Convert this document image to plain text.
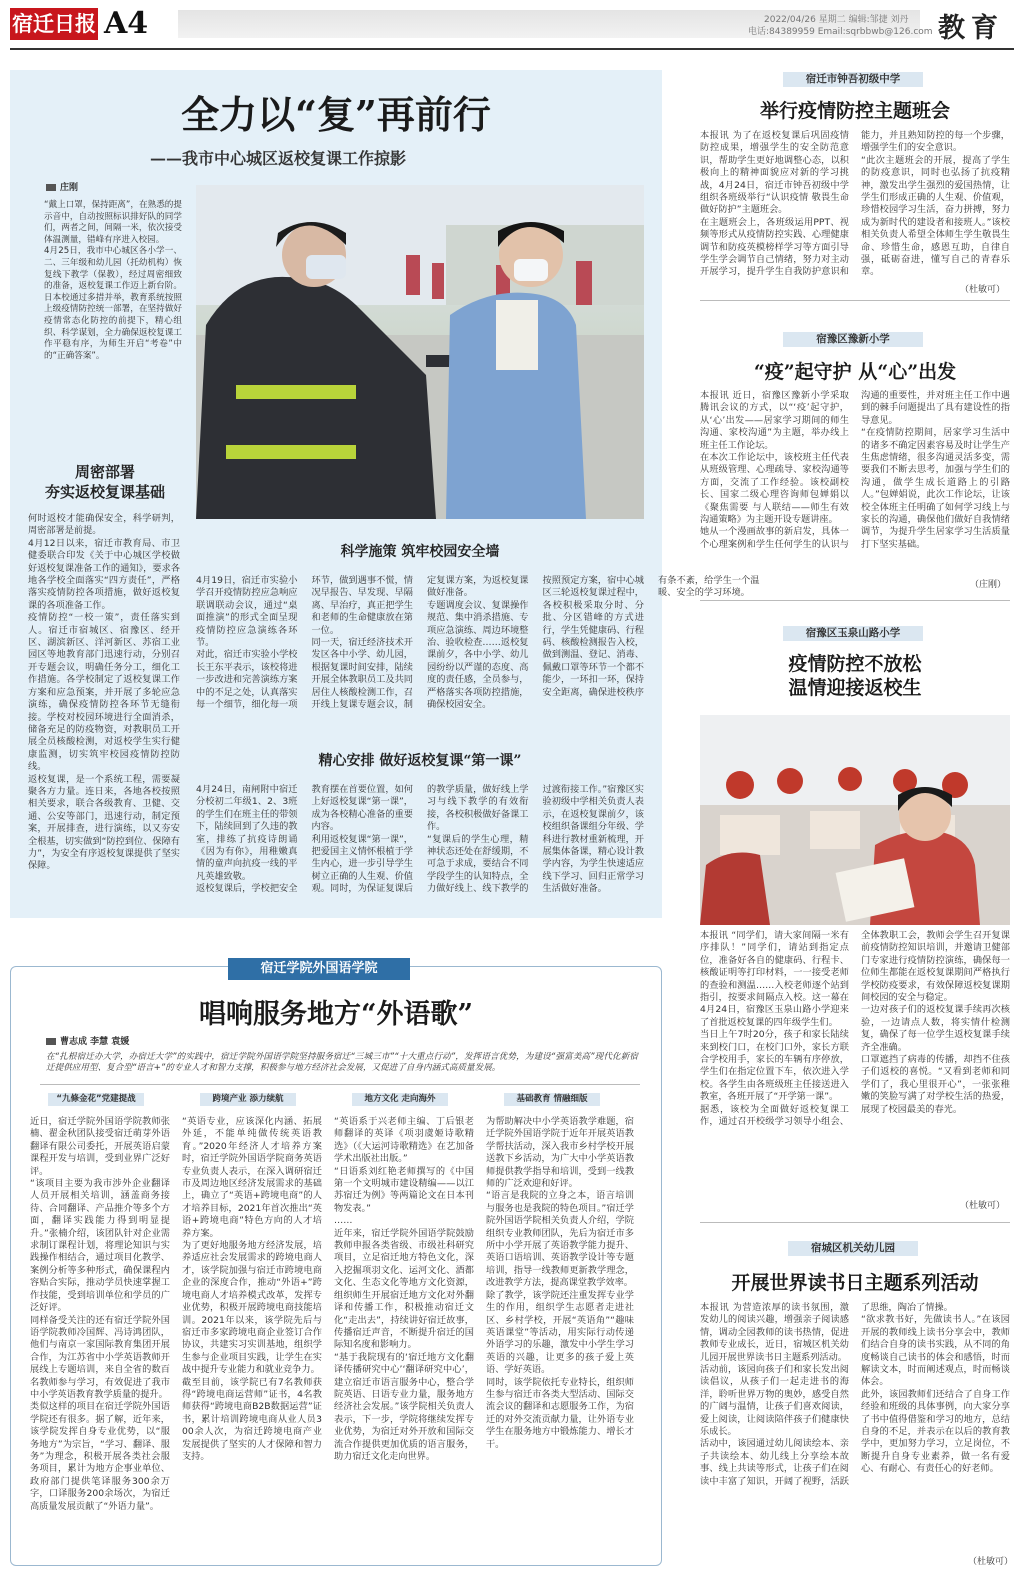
宿迁日报 A4	2022/04/26 星期二 编辑:邹捷 刘丹
电话:84389959 Email:sqrbbwb@126.com 教育
全力以“复”再前行
——我市中心城区返校复课工作掠影
庄刚

“戴上口罩，保持距离”，在熟悉的提示音中，自动按照标识排好队的同学们，两者之间，间隔一米，依次接受体温测量，错峰有序进入校园。
4月25日，我市中心城区各小学一、二、三年级和幼儿园（托幼机构）恢复线下教学（保教），经过周密细致的准备，返校复课工作迈上新台阶。日本校通过多措并举，教育系统按照上级疫情防控统一部署，在坚持做好疫情常态化防控的前提下，精心组织、科学谋划，全力确保返校复课工作平稳有序，为师生开启“考卷”中的“正确答案”。

周密部署
夯实返校复课基础

何时返校才能确保安全，科学研判，周密部署是前提。
4月12日以来，宿迁市教育局、市卫健委联合印发《关于中心城区学校做好返校复课准备工作的通知》，要求各地各学校全面落实“四方责任”，严格落实疫情防控各项措施，做好返校复课的各项准备工作。
疫情防控“一校一策”，责任落实到人。宿迁市宿城区、宿豫区、经开区、湖滨新区、洋河新区、苏宿工业园区等地教育部门迅速行动，分别召开专题会议，明确任务分工，细化工作措施。各学校制定了返校复课工作方案和应急预案，并开展了多轮应急演练，确保疫情防控各环节无缝衔接。学校对校园环境进行全面消杀，储备充足的防疫物资，对教职员工开展全员核酸检测，对返校学生实行健康监测，切实筑牢校园疫情防控防线。
返校复课，是一个系统工程，需要凝聚各方力量。连日来，各地各校按照相关要求，联合各级教育、卫健、交通、公安等部门，迅速行动，制定预案，开展排查，进行演练，以又夯安全根基，切实做到“防控到位、保障有力”，为安全有序返校复课提供了坚实保障。

科学施策 筑牢校园安全墙

4月19日，宿迁市实验小学召开疫情防控应急响应联调联动会议，通过“桌面推演”的形式全面呈现疫情防控应急演练各环节。
对此，宿迁市实验小学校长王东平表示，该校将进一步改进和完善演练方案中的不足之处，认真落实每一个细节，细化每一项环节，做到遇事不慌，情况早报告、早发现、早隔离、早治疗，真正把学生和老师的生命健康放在第一位。
同一天，宿迁经济技术开发区各中小学、幼儿园，根据复课时间安排，陆续开展全体教职员工及共同居住人核酸检测工作，召开线上复课专题会议，制定复课方案，为返校复课做好准备。
专题调度会议、复课操作规范、集中消杀措施、专项应急演练、周边环境整治、验收检查……返校复课前夕，各中小学、幼儿园纷纷以严谨的态度、高度的责任感，全员参与，严格落实各项防控措施，确保校园安全。
按照预定方案，宿中心城区三轮返校复课过程中，各校积极采取分时、分批、分区错峰的方式进行，学生凭健康码、行程码、核酸检测报告入校，做到测温、登记、消毒、佩戴口罩等环节一个都不能少，一环扣一环，保持安全距离，确保进校秩序有条不紊，给学生一个温暖、安全的学习环境。

精心安排 做好返校复课“第一课”

4月24日，南闸附中宿迁分校初二年级1、2、3班的学生们在班主任的带领下，陆续回到了久违的教室，排练了抗疫诗朗诵《因为有你》，用稚嫩真情的童声向抗疫一线的平凡英雄致敬。
返校复课后，学校把安全教育摆在首要位置，如何上好返校复课“第一课”，成为各校精心准备的重要内容。
利用返校复课“第一课”，把爱国主义情怀根植于学生内心，进一步引导学生树立正确的人生观、价值观。同时，为保证复课后的教学质量，做好线上学习与线下教学的有效衔接，各校积极做好备课工作。
“复课后的学生心理，精神状态还处在舒缓期，不可急于求成，要结合不同学段学生的认知特点，全力做好线上、线下教学的过渡衔接工作。”宿豫区实验初级中学相关负责人表示，在返校复课前夕，该校组织备课组分年级、学科进行教材重新梳理，开展集体备课，精心设计教学内容，为学生快速适应线下学习、回归正常学习生活做好准备。

宿迁市钟吾初级中学
举行疫情防控主题班会

本报讯 为了在返校复课后巩固疫情防控成果，增强学生的安全防范意识，帮助学生更好地调整心态，以积极向上的精神面貌应对新的学习挑战，4月24日，宿迁市钟吾初级中学组织各班级举行“认识疫情 敬畏生命 做好防护”主题班会。
在主题班会上，各班级运用PPT、视频等形式从疫情防控实践、心理健康调节和防疫英模榜样学习等方面引导学生学会调节自己情绪，努力对主动开展学习，提升学生自我防护意识和能力，并且熟知防控的每一个步骤，增强学生们的安全意识。
“此次主题班会的开展，提高了学生的防疫意识，同时也弘扬了抗疫精神，激发出学生强烈的爱国热情，让学生们形成正确的人生观、价值观，珍惜校园学习生活，奋力拼搏，努力成为新时代的建设者和接班人。”该校相关负责人希望全体师生学生敬畏生命、珍惜生命，感恩互助，自律自强，砥砺奋进，懂写自己的青春乐章。

（杜敏可）
宿豫区豫新小学
“疫”起守护 从“心”出发

本报讯 近日，宿豫区豫新小学采取腾讯会议的方式，以“‘疫’起守护，从‘心’出发——居家学习期间的师生沟通、家校沟通”为主题，举办线上班主任工作论坛。
在本次工作论坛中，该校班主任代表从班级管理、心理疏导、家校沟通等方面，交流了工作经验。该校副校长、国家二级心理咨询师包婵娟以《聚焦需要 与人联结——师生有效沟通策略》为主题开设专题讲座。
她从一个漫画故事的新启发，具体一个心理案例和学生任何学生的认识与沟通的重要性，并对班主任工作中遇到的棘手问题提出了具有建设性的指导意见。
“在疫情防控期间，居家学习生活中的诸多不确定因素容易及时让学生产生焦虑情绪，很多沟通灵活多变，需要我们不断去思考，加强与学生们的沟通，做学生成长道路上的引路人。”包婵娟说，此次工作论坛，让该校全体班主任明确了如何学习线上与家长的沟通，确保他们做好自我情绪调节，为提升学生居家学习生活质量打下坚实基础。

（庄刚）
宿豫区玉泉山路小学
疫情防控不放松
温情迎接返校生

本报讯 “同学们，请大家间隔一米有序排队！”同学们，请站到指定点位，准备好各自的健康码、行程卡、核酸证明等打印材料，一一接受老师的查验和测温……入校老师逐个站到指引，按要求间隔点入校。这一幕在4月24日，宿豫区玉泉山路小学迎来了首批返校复课的四年级学生们。
当日上午7时20分，孩子和家长陆续来到校门口，在校门口外，家长方联合学校用手，家长的车辆有序停放，学生们在指定位置下车，依次进入学校。各学生由各班级班主任接送进入教室，各班开展了“开学第一课”。
据悉，该校为全面做好返校复课工作，通过召开校级学习领导小组会、全体教职工会，教师会学生召开复课前疫情防控知识培训，并邀请卫健部门专家进行疫情防控演练，确保每一位师生都能在返校复课期间严格执行学校防疫要求，有效保障返校复课期间校园的安全与稳定。
一边对孩子们的返校复课手续再次核验，一边请点人数，将实情什检测复，确保了每一位学生返校复课手续齐全准确。
口罩遮挡了病毒的传播，却挡不住孩子们返校的喜悦。“又看到老师和同学们了，我心里很开心”，一张张稚嫩的笑脸写满了对学校生活的热爱，展现了校园最美的春光。

（杜敏可）
宿城区机关幼儿园
开展世界读书日主题系列活动

本报讯 为营造浓厚的读书氛围，激发幼儿的阅读兴趣，增强亲子阅读感情，调动全园教师的读书热情，促进教师专业成长，近日，宿城区机关幼儿园开展世界读书日主题系列活动。
活动前，该园向孩子们和家长发出阅读倡议，从孩子们一起走进书的海洋，聆听世界万物的奥妙，感受自然的广阔与温情，让孩子们喜欢阅读，爱上阅读，让阅读陪伴孩子们健康快乐成长。
活动中，该园通过幼儿阅读绘本、亲子共读绘本、幼儿线上分享绘本故事、线上共读等形式，让孩子们在阅读中丰富了知识，开阔了视野，活跃了思维，陶冶了情操。
“欲求教书好，先做读书人。”在该园开展的教师线上读书分享会中，教师们结合自身的读书实践，从不同的角度畅谈自己读书的体会和感悟，时而解读文本，时而阐述观点，时而畅谈体会。
此外，该园教师们还结合了自身工作经验和班级的具体事例，向大家分享了书中值得借鉴和学习的地方，总结自身的不足，并表示在以后的教育教学中，更加努力学习，立足岗位，不断提升自身专业素养，做一名有爱心、有耐心、有责任心的好老师。

（杜敏可）
宿迁学院外国语学院
唱响服务地方“外语歌”
曹志成 李慧 袁媛

在“扎根宿迁办大学，办宿迁大学”的实践中，宿迁学院外国语学院坚持服务宿迁“三城三市”“十大重点行动”，发挥语言优势，为建设“强富美高”现代化新宿迁提供应用型、复合型“语言+”的专业人才和智力支撑，积极参与地方经济社会发展，又促进了自身内涵式高质量发展。

“九條金花”党建提战	跨境产业 添力续航	地方文化 走向海外	基础教育 情融细版

近日，宿迁学院外国语学院教师张楠、翟金秋团队接受宿迁萌芽外语翻译有限公司委托，开展英语启蒙课程开发与培训，受到业界广泛好评。
“该项目主要为我市涉外企业翻译人员开展相关培训，涵盖商务接待、合同翻译、产品推介等多个方面，翻译实践能力得到明显提升。”张楠介绍，该团队针对企业需求制订课程计划，将理论知识与实践操作相结合，通过项目化教学、案例分析等多种形式，确保课程内容贴合实际，推动学员快速掌握工作技能，受到培训单位和学员的广泛好评。
同样备受关注的还有宿迁学院外国语学院教师冷国辉、冯诗鸿团队，他们与南京一家国际教育集团开展合作，为江苏省中小学英语教师开展线上专题培训，来自全省的数百名教师参与学习，有效促进了我市中小学英语教育教学质量的提升。
类似这样的项目在宿迁学院外国语学院还有很多。据了解，近年来，该学院发挥自身专业优势，以“服务地方”为宗旨，“学习、翻译、服务”为理念，积极开展各类社会服务项目，累计为地方企事业单位、政府部门提供笔译服务300余万字，口译服务200余场次，为宿迁高质量发展贡献了“外语力量”。

“英语专业，应该深化内涵、拓展外延，不能单纯做传统英语教育。”2020年经济人才培养方案时，宿迁学院外国语学院商务英语专业负责人表示，在深入调研宿迁市及周边地区经济发展需求的基础上，确立了“英语+跨境电商”的人才培养目标，2021年首次推出“英语+跨境电商”特色方向的人才培养方案。
为了更好地服务地方经济发展，培养适应社会发展需求的跨境电商人才，该学院加强与宿迁市跨境电商企业的深度合作，推动“外语+”跨境电商人才培养模式改革，发挥专业优势，积极开展跨境电商技能培训。2021年以来，该学院先后与宿迁市多家跨境电商企业签订合作协议，共建实习实训基地，组织学生参与企业项目实践，让学生在实战中提升专业能力和就业竞争力。
截至目前，该学院已有7名教师获得“跨境电商运营师”证书，4名教师获得“跨境电商B2B数据运营”证书，累计培训跨境电商从业人员300余人次，为宿迁跨境电商产业发展提供了坚实的人才保障和智力支持。

“英语系于兴老师主编、丁后银老师翻译的英译《项羽虞姬诗歌精选》（《大运河诗歌精选》在艺加备学术出版社出版。”
“日语系刘红艳老师撰写的《中国第一个文明城市建设精编——以江苏宿迁为例》等两篇论文在日本刊物发表。”
……
近年来，宿迁学院外国语学院鼓励教师申报各类省级、市级社科研究项目，立足宿迁地方特色文化，深入挖掘项羽文化、运河文化、酒都文化、生态文化等地方文化资源，组织师生开展宿迁地方文化对外翻译和传播工作，积极推动宿迁文化“走出去”，持续讲好宿迁故事，传播宿迁声音，不断提升宿迁的国际知名度和影响力。
“基于我院现有的‘宿迁地方文化翻译传播研究中心’‘翻译研究中心’，建立宿迁市语言服务中心，整合学院英语、日语专业力量，服务地方经济社会发展。”该学院相关负责人表示，下一步，学院将继续发挥专业优势，为宿迁对外开放和国际交流合作提供更加优质的语言服务，助力宿迁文化走向世界。

为帮助解决中小学英语教学难题，宿迁学院外国语学院于近年开展英语教学帮扶活动，深入我市乡村学校开展送教下乡活动，为广大中小学英语教师提供教学指导和培训，受到一线教师的广泛欢迎和好评。
“语言是我院的立身之本，语言培训与服务也是我院的特色项目。”宿迁学院外国语学院相关负责人介绍，学院组织专业教师团队，先后为宿迁市多所中小学开展了英语教学能力提升、英语口语培训、英语教学设计等专题培训，指导一线教师更新教学理念，改进教学方法，提高课堂教学效率。
除了教学，该学院还注重发挥专业学生的作用，组织学生志愿者走进社区、乡村学校，开展“英语角”“趣味英语课堂”等活动，用实际行动传递外语学习的乐趣，激发中小学生学习英语的兴趣，让更多的孩子爱上英语、学好英语。
同时，该学院依托专业特长，组织师生参与宿迁市各类大型活动、国际交流会议的翻译和志愿服务工作，为宿迁的对外交流贡献力量，让外语专业学生在服务地方中锻炼能力、增长才干。
